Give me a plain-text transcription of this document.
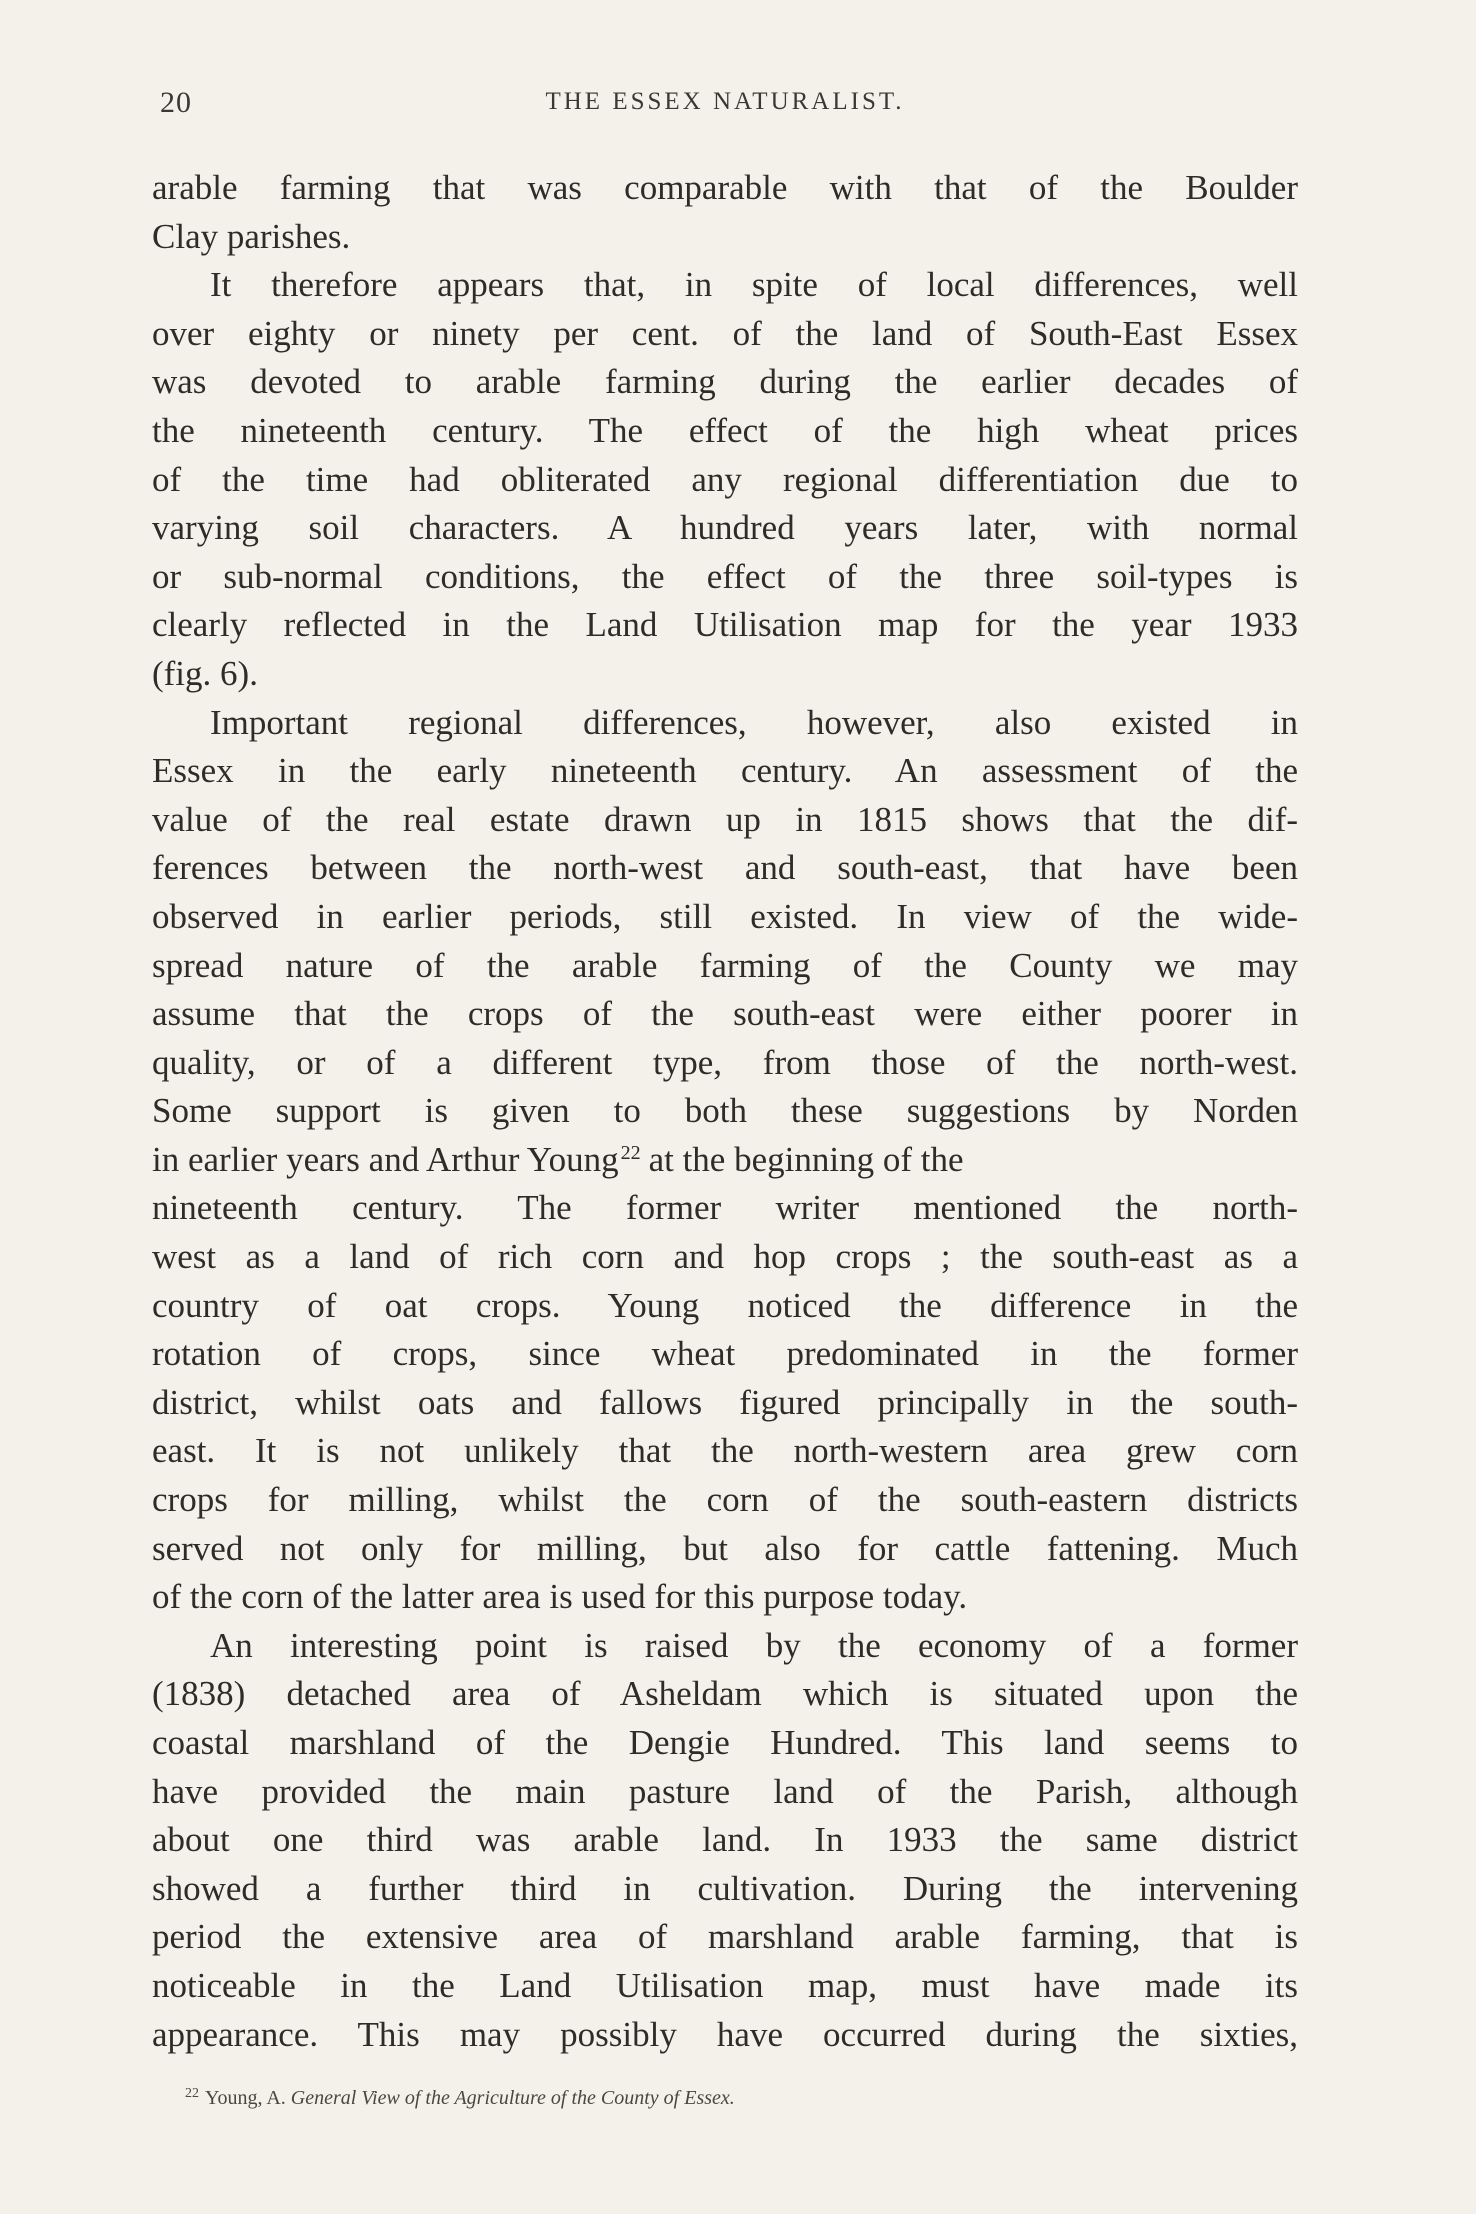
20	THE ESSEX NATURALIST.
arable farming that was comparable with that of the Boulder
Clay parishes.
It therefore appears that, in spite of local differences, well
over eighty or ninety per cent. of the land of South-East Essex
was devoted to arable farming during the earlier decades of
the nineteenth century. The effect of the high wheat prices
of the time had obliterated any regional differentiation due to
varying soil characters. A hundred years later, with normal
or sub-normal conditions, the effect of the three soil-types is
clearly reflected in the Land Utilisation map for the year 1933
(fig. 6).
Important regional differences, however, also existed in
Essex in the early nineteenth century. An assessment of the
value of the real estate drawn up in 1815 shows that the dif-
ferences between the north-west and south-east, that have been
observed in earlier periods, still existed. In view of the wide-
spread nature of the arable farming of the County we may
assume that the crops of the south-east were either poorer in
quality, or of a different type, from those of the north-west.
Some support is given to both these suggestions by Norden
in earlier years and Arthur Young $^{22}$ at the beginning of the
nineteenth century. The former writer mentioned the north-
west as a land of rich corn and hop crops ; the south-east as a
country of oat crops. Young noticed the difference in the
rotation of crops, since wheat predominated in the former
district, whilst oats and fallows figured principally in the south-
east. It is not unlikely that the north-western area grew corn
crops for milling, whilst the corn of the south-eastern districts
served not only for milling, but also for cattle fattening. Much
of the corn of the latter area is used for this purpose today.
An interesting point is raised by the economy of a former
(1838) detached area of Asheldam which is situated upon the
coastal marshland of the Dengie Hundred. This land seems to
have provided the main pasture land of the Parish, although
about one third was arable land. In 1933 the same district
showed a further third in cultivation. During the intervening
period the extensive area of marshland arable farming, that is
noticeable in the Land Utilisation map, must have made its
appearance. This may possibly have occurred during the sixties,
$^{22}$ Young, A. General View of the Agriculture of the County of Essex.
